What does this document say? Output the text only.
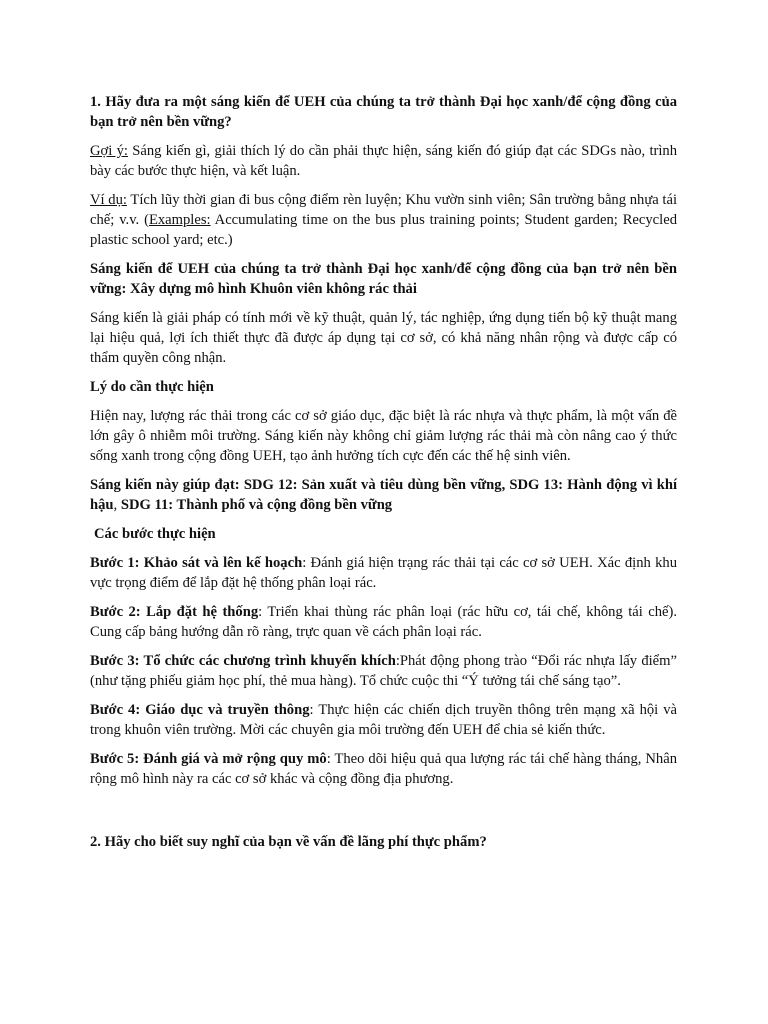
1. Hãy đưa ra một sáng kiến để UEH của chúng ta trở thành Đại học xanh/để cộng đồng của bạn trở nên bền vững?

Gợi ý: Sáng kiến gì, giải thích lý do cần phải thực hiện, sáng kiến đó giúp đạt các SDGs nào, trình bày các bước thực hiện, và kết luận.

Ví dụ: Tích lũy thời gian đi bus cộng điểm rèn luyện; Khu vườn sinh viên; Sân trường bằng nhựa tái chế; v.v. (Examples: Accumulating time on the bus plus training points; Student garden; Recycled plastic school yard; etc.)

Sáng kiến để UEH của chúng ta trở thành Đại học xanh/để cộng đồng của bạn trở nên bền vững: Xây dựng mô hình Khuôn viên không rác thải

Sáng kiến là giải pháp có tính mới về kỹ thuật, quản lý, tác nghiệp, ứng dụng tiến bộ kỹ thuật mang lại hiệu quả, lợi ích thiết thực đã được áp dụng tại cơ sở, có khả năng nhân rộng và được cấp có thẩm quyền công nhận.

Lý do cần thực hiện

Hiện nay, lượng rác thải trong các cơ sở giáo dục, đặc biệt là rác nhựa và thực phẩm, là một vấn đề lớn gây ô nhiễm môi trường. Sáng kiến này không chỉ giảm lượng rác thải mà còn nâng cao ý thức sống xanh trong cộng đồng UEH, tạo ảnh hưởng tích cực đến các thế hệ sinh viên.

Sáng kiến này giúp đạt: SDG 12: Sản xuất và tiêu dùng bền vững, SDG 13: Hành động vì khí hậu, SDG 11: Thành phố và cộng đồng bền vững

Các bước thực hiện

Bước 1: Khảo sát và lên kế hoạch: Đánh giá hiện trạng rác thải tại các cơ sở UEH. Xác định khu vực trọng điểm để lắp đặt hệ thống phân loại rác.

Bước 2: Lắp đặt hệ thống: Triển khai thùng rác phân loại (rác hữu cơ, tái chế, không tái chế). Cung cấp bảng hướng dẫn rõ ràng, trực quan về cách phân loại rác.

Bước 3: Tổ chức các chương trình khuyến khích:Phát động phong trào “Đổi rác nhựa lấy điểm” (như tặng phiếu giảm học phí, thẻ mua hàng). Tổ chức cuộc thi “Ý tưởng tái chế sáng tạo”.

Bước 4: Giáo dục và truyền thông: Thực hiện các chiến dịch truyền thông trên mạng xã hội và trong khuôn viên trường. Mời các chuyên gia môi trường đến UEH để chia sẻ kiến thức.

Bước 5: Đánh giá và mở rộng quy mô: Theo dõi hiệu quả qua lượng rác tái chế hàng tháng, Nhân rộng mô hình này ra các cơ sở khác và cộng đồng địa phương.

2. Hãy cho biết suy nghĩ của bạn về vấn đề lãng phí thực phẩm?
